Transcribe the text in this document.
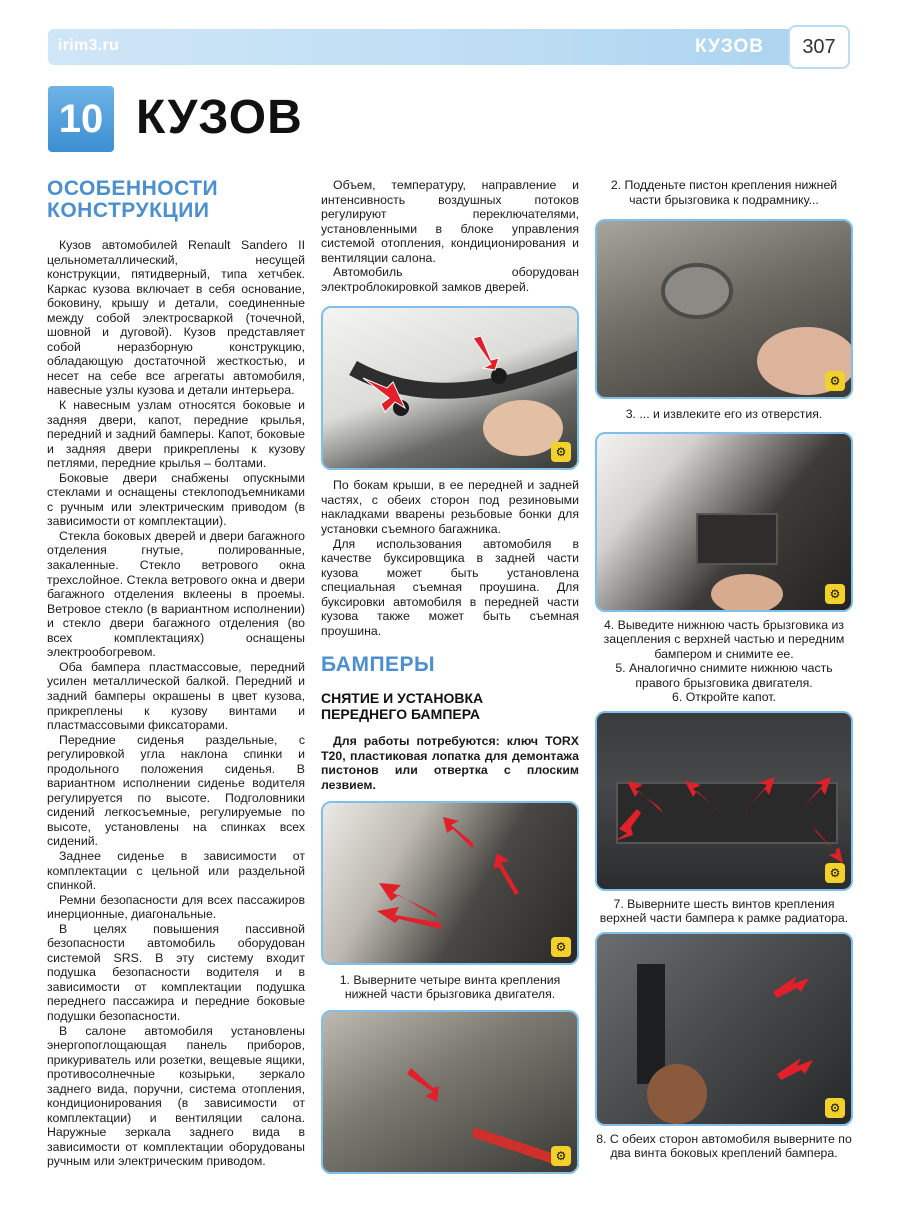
irim3.ru	КУЗОВ	307
10 КУЗОВ
ОСОБЕННОСТИ
КОНСТРУКЦИИ

Кузов автомобилей Renault Sandero II цельнометаллический, несущей конструкции, пятидверный, типа хетчбек. Каркас кузова включает в себя основание, боковину, крышу и детали, соединенные между собой электросваркой (точечной, шовной и дуговой). Кузов представляет собой неразборную конструкцию, обладающую достаточной жесткостью, и несет на себе все агрегаты автомобиля, навесные узлы кузова и детали интерьера.

К навесным узлам относятся боковые и задняя двери, капот, передние крылья, передний и задний бамперы. Капот, боковые и задняя двери прикреплены к кузову петлями, передние крылья – болтами.

Боковые двери снабжены опускными стеклами и оснащены стеклоподъемниками с ручным или электрическим приводом (в зависимости от комплектации).

Стекла боковых дверей и двери багажного отделения гнутые, полированные, закаленные. Стекло ветрового окна трехслойное. Стекла ветрового окна и двери багажного отделения вклеены в проемы. Ветровое стекло (в вариантном исполнении) и стекло двери багажного отделения (во всех комплектациях) оснащены электрообогревом.

Оба бампера пластмассовые, передний усилен металлической балкой. Передний и задний бамперы окрашены в цвет кузова, прикреплены к кузову винтами и пластмассовыми фиксаторами.

Передние сиденья раздельные, с регулировкой угла наклона спинки и продольного положения сиденья. В вариантном исполнении сиденье водителя регулируется по высоте. Подголовники сидений легкосъемные, регулируемые по высоте, установлены на спинках всех сидений.

Заднее сиденье в зависимости от комплектации с цельной или раздельной спинкой.

Ремни безопасности для всех пассажиров инерционные, диагональные.

В целях повышения пассивной безопасности автомобиль оборудован системой SRS. В эту систему входит подушка безопасности водителя и в зависимости от комплектации подушка переднего пассажира и передние боковые подушки безопасности.

В салоне автомобиля установлены энергопоглощающая панель приборов, прикуриватель или розетки, вещевые ящики, противосолнечные козырьки, зеркало заднего вида, поручни, система отопления, кондиционирования (в зависимости от комплектации) и вентиляции салона. Наружные зеркала заднего вида в зависимости от комплектации оборудованы ручным или электрическим приводом.

Объем, температуру, направление и интенсивность воздушных потоков регулируют переключателями, установленными в блоке управления системой отопления, кондиционирования и вентиляции салона.

Автомобиль оборудован электроблокировкой замков дверей.

⚙

По бокам крыши, в ее передней и задней частях, с обеих сторон под резиновыми накладками вварены резьбовые бонки для установки съемного багажника.

Для использования автомобиля в качестве буксировщика в задней части кузова может быть установлена специальная съемная проушина. Для буксировки автомобиля в передней части кузова также может быть съемная проушина.

БАМПЕРЫ
СНЯТИЕ И УСТАНОВКА
ПЕРЕДНЕГО БАМПЕРА

Для работы потребуются: ключ TORX T20, пластиковая лопатка для демонтажа пистонов или отвертка с плоским лезвием.

⚙

1. Выверните четыре винта крепления нижней части брызговика двигателя.

⚙

2. Подденьте пистон крепления нижней части брызговика к подрамнику...

⚙

3. ... и извлеките его из отверстия.

⚙

4. Выведите нижнюю часть брызговика из зацепления с верхней частью и передним бампером и снимите ее.

5. Аналогично снимите нижнюю часть правого брызговика двигателя.

6. Откройте капот.

⚙

7. Выверните шесть винтов крепления верхней части бампера к рамке радиатора.

⚙

8. С обеих сторон автомобиля выверните по два винта боковых креплений бампера.
